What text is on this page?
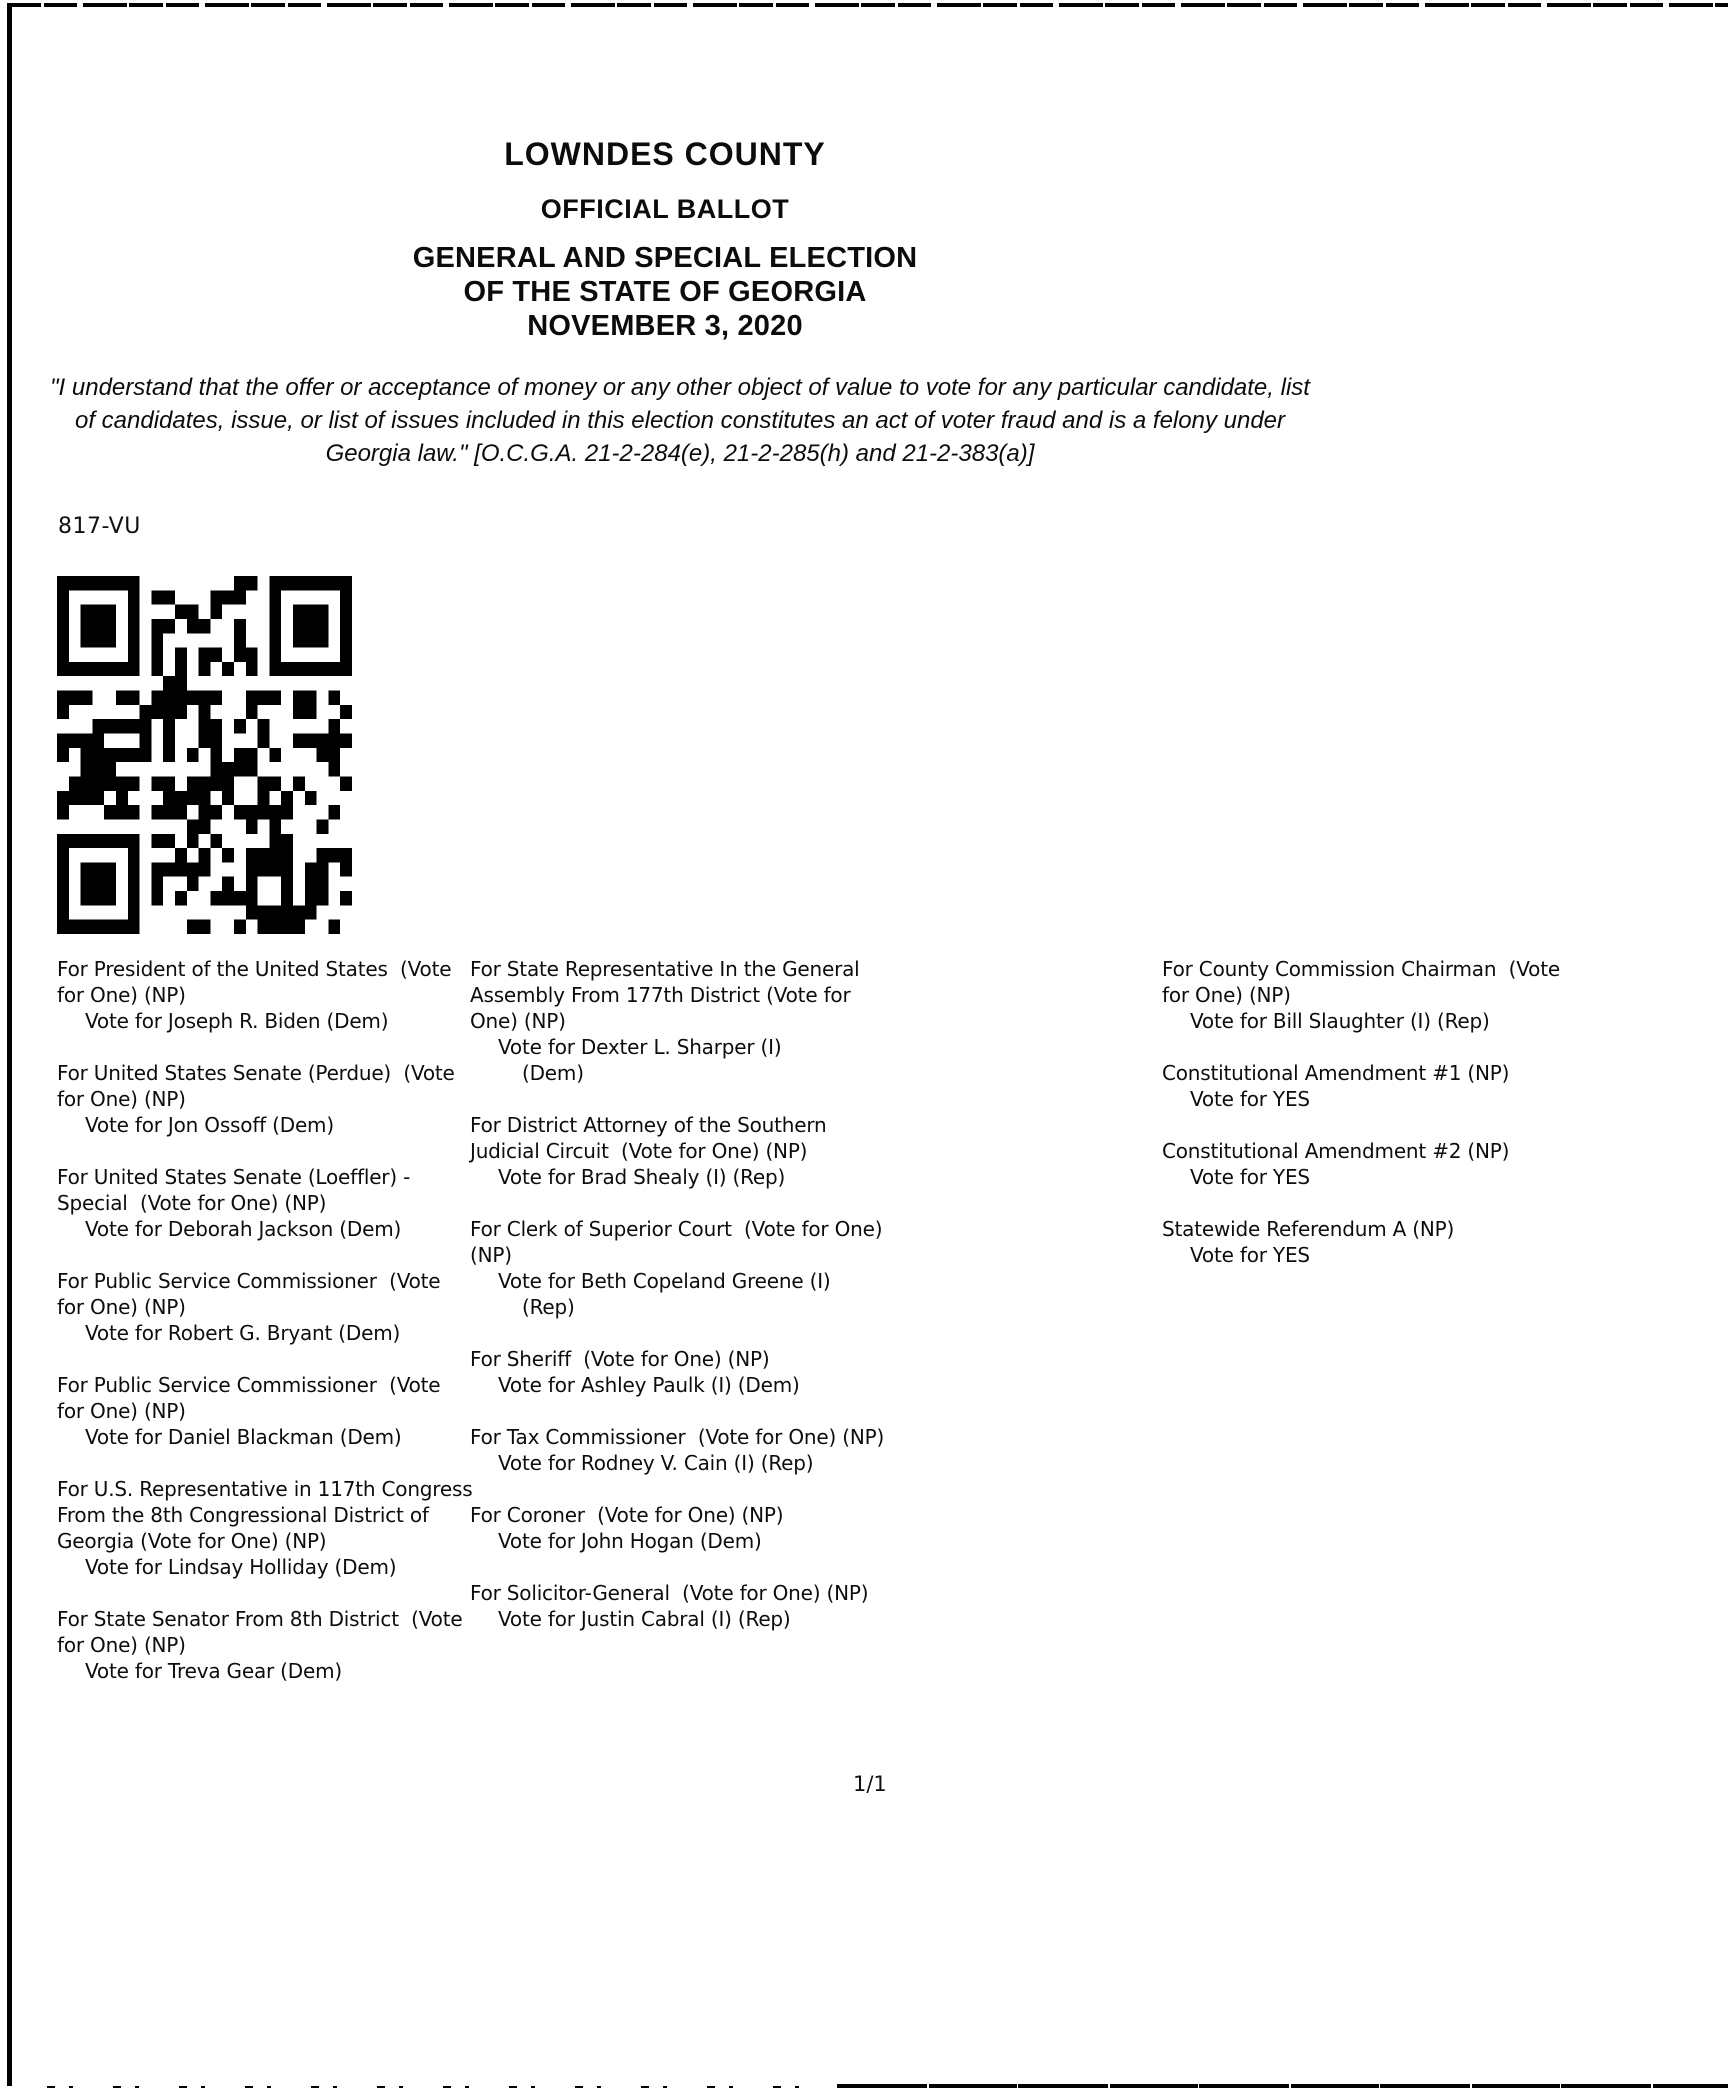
LOWNDES COUNTY
OFFICIAL BALLOT
GENERAL AND SPECIAL ELECTION
OF THE STATE OF GEORGIA
NOVEMBER 3, 2020

"I understand that the offer or acceptance of money or any other object of value to vote for any particular candidate, list of candidates, issue, or list of issues included in this election constitutes an act of voter fraud and is a felony under Georgia law." [O.C.G.A. 21-2-284(e), 21-2-285(h) and 21-2-383(a)]

817-VU
For President of the United States  (Vote
for One) (NP)
Vote for Joseph R. Biden (Dem)
For United States Senate (Perdue)  (Vote
for One) (NP)
Vote for Jon Ossoff (Dem)
For United States Senate (Loeffler) -
Special  (Vote for One) (NP)
Vote for Deborah Jackson (Dem)
For Public Service Commissioner  (Vote
for One) (NP)
Vote for Robert G. Bryant (Dem)
For Public Service Commissioner  (Vote
for One) (NP)
Vote for Daniel Blackman (Dem)
For U.S. Representative in 117th Congress
From the 8th Congressional District of
Georgia (Vote for One) (NP)
Vote for Lindsay Holliday (Dem)
For State Senator From 8th District  (Vote
for One) (NP)
Vote for Treva Gear (Dem)
For State Representative In the General
Assembly From 177th District (Vote for
One) (NP)
Vote for Dexter L. Sharper (I)
(Dem)
For District Attorney of the Southern
Judicial Circuit  (Vote for One) (NP)
Vote for Brad Shealy (I) (Rep)
For Clerk of Superior Court  (Vote for One)
(NP)
Vote for Beth Copeland Greene (I)
(Rep)
For Sheriff  (Vote for One) (NP)
Vote for Ashley Paulk (I) (Dem)
For Tax Commissioner  (Vote for One) (NP)
Vote for Rodney V. Cain (I) (Rep)
For Coroner  (Vote for One) (NP)
Vote for John Hogan (Dem)
For Solicitor-General  (Vote for One) (NP)
Vote for Justin Cabral (I) (Rep)
For County Commission Chairman  (Vote
for One) (NP)
Vote for Bill Slaughter (I) (Rep)
Constitutional Amendment #1 (NP)
Vote for YES
Constitutional Amendment #2 (NP)
Vote for YES
Statewide Referendum A (NP)
Vote for YES
1/1
